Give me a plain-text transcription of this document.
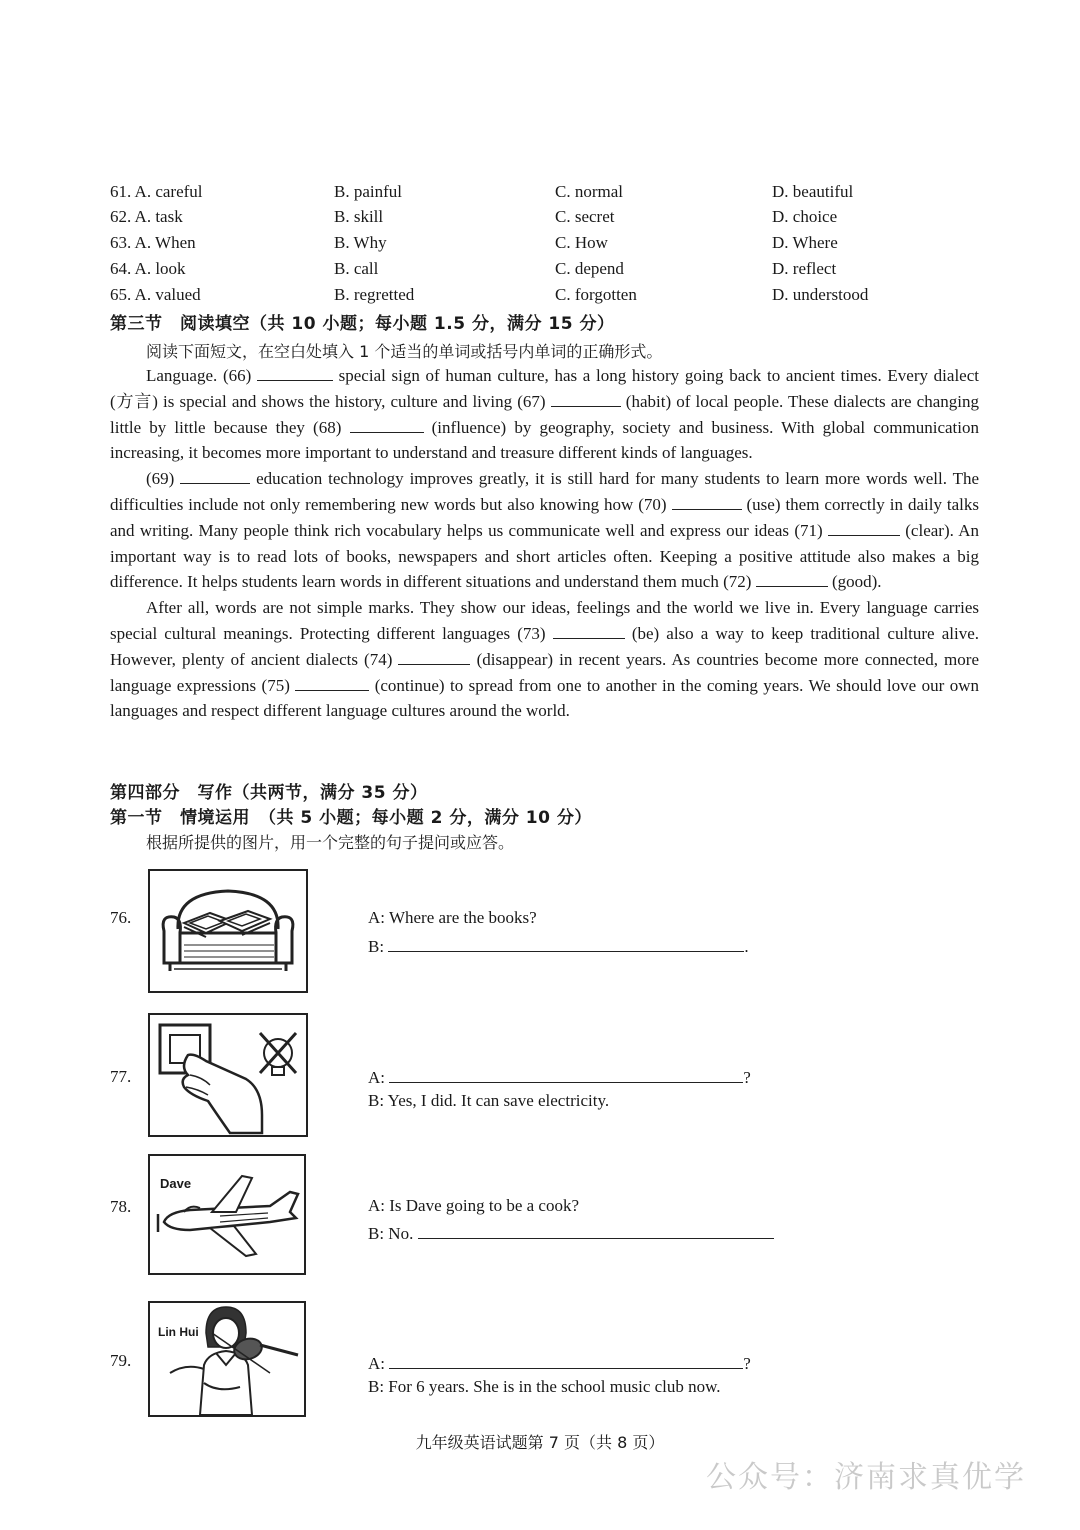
61. A. careful	B. painful	C. normal	D. beautiful
62. A. task	B. skill	C. secret	D. choice
63. A. When	B. Why	C. How	D. Where
64. A. look	B. call	C. depend	D. reflect
65. A. valued	B. regretted	C. forgotten	D. understood
第三节　阅读填空（共 10 小题；每小题 1.5 分，满分 15 分）
阅读下面短文，在空白处填入 1 个适当的单词或括号内单词的正确形式。

Language. (66)	special sign of human culture, has a long history going back to ancient times. Every dialect (方言) is special and shows the history, culture and living (67)	(habit) of local people. These dialects are changing little by little because they (68)	(influence) by geography, society and business. With global communication increasing, it becomes more important to understand and treasure different kinds of languages.

(69)	education technology improves greatly, it is still hard for many students to learn more words well. The difficulties include not only remembering new words but also knowing how (70)	(use) them correctly in daily talks and writing. Many people think rich vocabulary helps us communicate well and express our ideas (71)	(clear). An important way is to read lots of books, newspapers and short articles often. Keeping a positive attitude also makes a big difference. It helps students learn words in different situations and understand them much (72)	(good).

After all, words are not simple marks. They show our ideas, feelings and the world we live in. Every language carries special cultural meanings. Protecting different languages (73)	(be) also a way to keep traditional culture alive. However, plenty of ancient dialects (74)	(disappear) in recent years. As countries become more connected, more language expressions (75)	(continue) to spread from one to another in the coming years. We should love our own languages and respect different language cultures around the world.

第四部分　写作（共两节，满分 35 分）
第一节　情境运用　（共 5 小题；每小题 2 分，满分 10 分）
根据所提供的图片，用一个完整的句子提问或应答。
76.	A: Where are the books?
B:	.
77.	A:	?
B: Yes, I did. It can save electricity.
78.
Dave
A: Is Dave going to be a cook?
B: No.
79.
Lin Hui
A:	?
B: For 6 years. She is in the school music club now.
九年级英语试题第 7 页（共 8 页）
公众号：济南求真优学
